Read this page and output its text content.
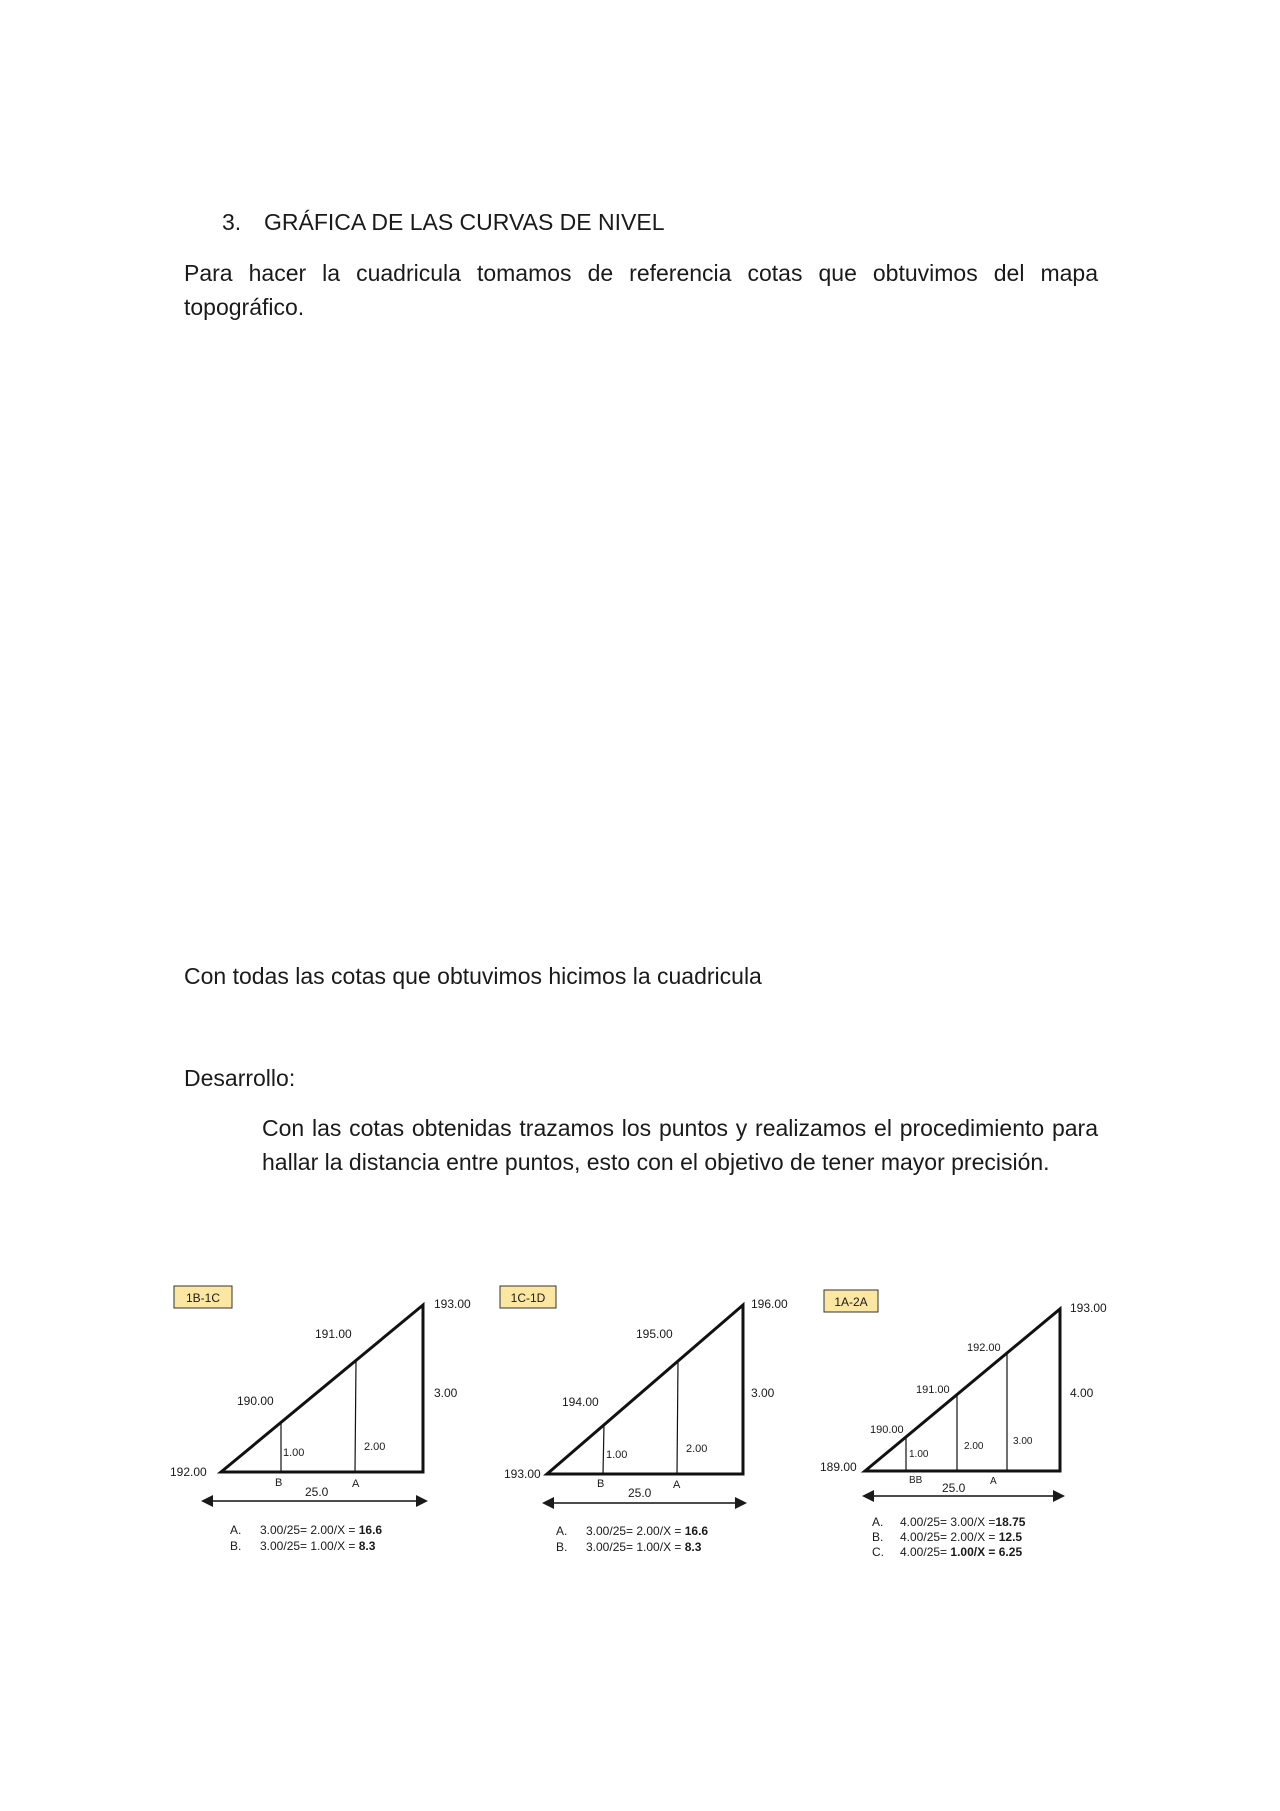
3. GRÁFICA DE LAS CURVAS DE NIVEL
Para hacer la cuadricula tomamos de referencia cotas que obtuvimos del mapa topográfico.
Con todas las cotas que obtuvimos hicimos la cuadricula
Desarrollo:
Con las cotas obtenidas trazamos los puntos y realizamos el procedimiento para hallar la distancia entre puntos, esto con el objetivo de tener mayor precisión.
1B-1C	193.00
191.00
190.00
3.00
192.00
1.00	2.00
B	A
25.0
A. 3.00/25= 2.00/X = 16.6
B. 3.00/25= 1.00/X = 8.3
1C-1D	196.00
195.00
194.00
3.00
193.00
1.00	2.00
B	A
25.0
A. 3.00/25= 2.00/X = 16.6
B. 3.00/25= 1.00/X = 8.3
1A-2A	193.00
192.00
191.00
190.00
4.00
189.00
1.00
2.00	3.00
BB	A
25.0
A. 4.00/25= 3.00/X =18.75
B. 4.00/25= 2.00/X = 12.5
C. 4.00/25= 1.00/X = 6.25
